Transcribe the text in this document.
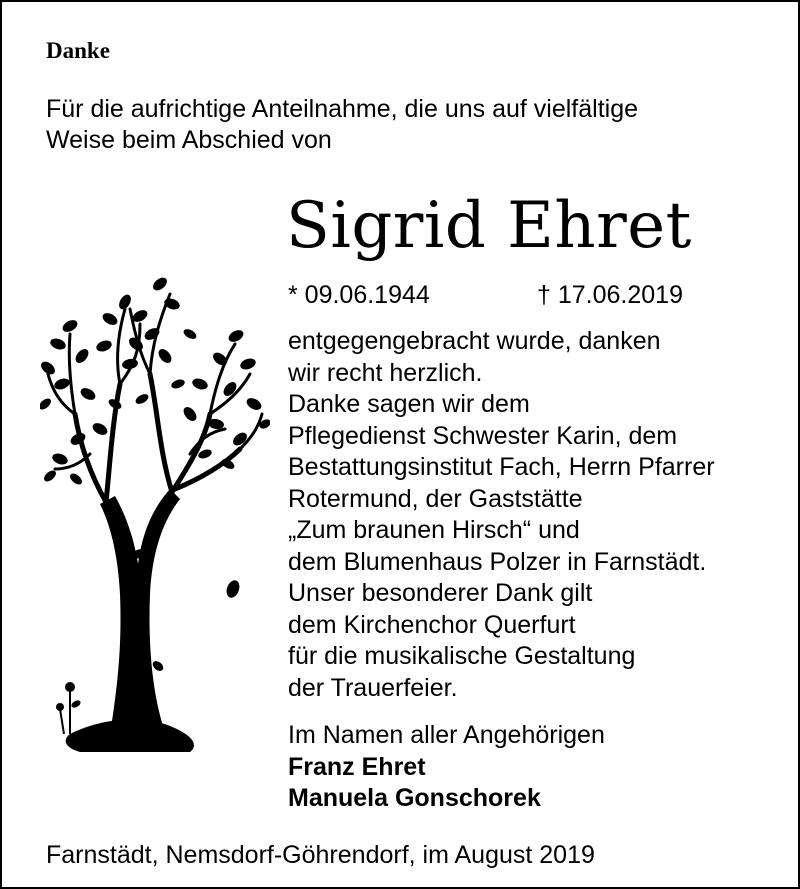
Danke
Für die aufrichtige Anteilnahme, die uns auf vielfältige
Weise beim Abschied von
Sigrid Ehret
* 09.06.1944	† 17.06.2019
entgegengebracht wurde, danken
wir recht herzlich.
Danke sagen wir dem
Pflegedienst Schwester Karin, dem
Bestattungsinstitut Fach, Herrn Pfarrer
Rotermund, der Gaststätte
„Zum braunen Hirsch“ und
dem Blumenhaus Polzer in Farnstädt.
Unser besonderer Dank gilt
dem Kirchenchor Querfurt
für die musikalische Gestaltung
der Trauerfeier.
Im Namen aller Angehörigen
Franz Ehret
Manuela Gonschorek
Farnstädt, Nemsdorf-Göhrendorf, im August 2019
